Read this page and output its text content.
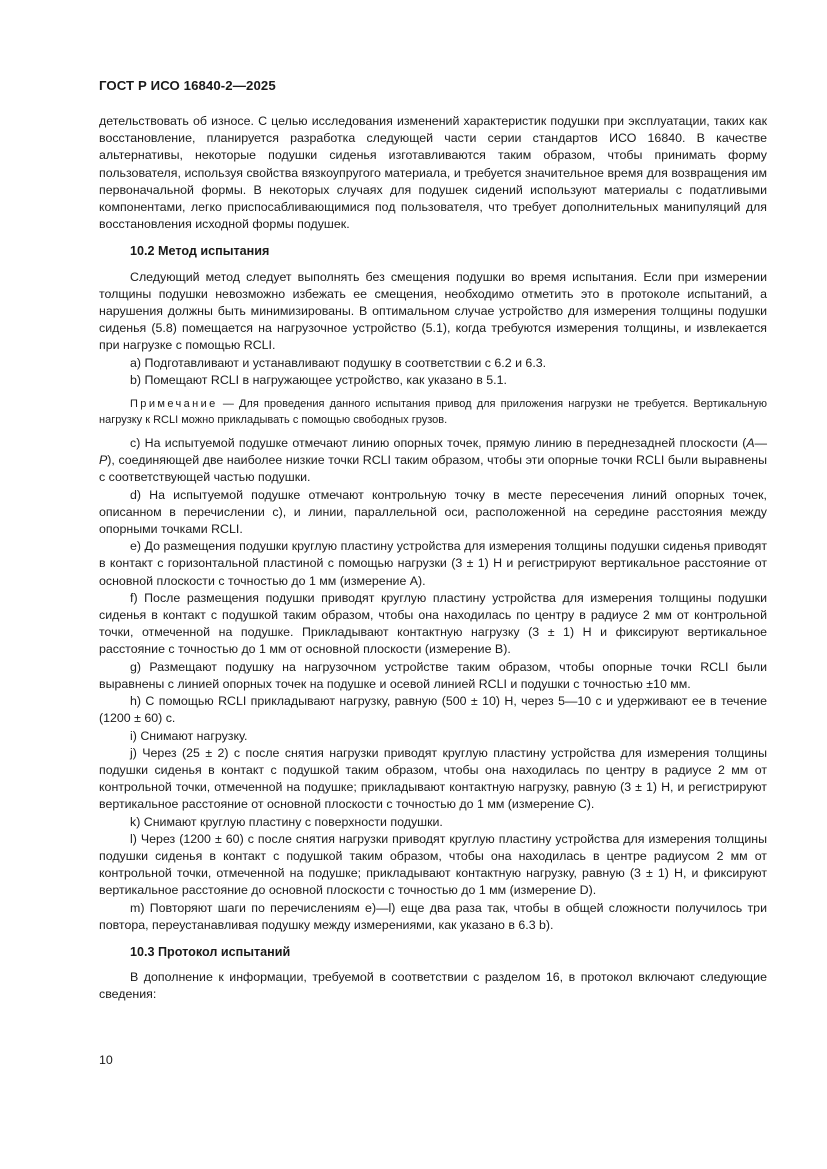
ГОСТ Р ИСО 16840-2—2025

детельствовать об износе. С целью исследования изменений характеристик подушки при эксплуатации, таких как восстановление, планируется разработка следующей части серии стандартов ИСО 16840. В качестве альтернативы, некоторые подушки сиденья изготавливаются таким образом, чтобы принимать форму пользователя, используя свойства вязкоупругого материала, и требуется значительное время для возвращения им первоначальной формы. В некоторых случаях для подушек сидений используют материалы с податливыми компонентами, легко приспосабливающимися под пользователя, что требует дополнительных манипуляций для восстановления исходной формы подушек.

10.2 Метод испытания

Следующий метод следует выполнять без смещения подушки во время испытания. Если при измерении толщины подушки невозможно избежать ее смещения, необходимо отметить это в протоколе испытаний, а нарушения должны быть минимизированы. В оптимальном случае устройство для измерения толщины подушки сиденья (5.8) помещается на нагрузочное устройство (5.1), когда требуются измерения толщины, и извлекается при нагрузке с помощью RCLI.

а) Подготавливают и устанавливают подушку в соответствии с 6.2 и 6.3.

b) Помещают RCLI в нагружающее устройство, как указано в 5.1.

Примечание — Для проведения данного испытания привод для приложения нагрузки не требуется. Вертикальную нагрузку к RCLI можно прикладывать с помощью свободных грузов.

с) На испытуемой подушке отмечают линию опорных точек, прямую линию в переднезадней плоскости (А—Р), соединяющей две наиболее низкие точки RCLI таким образом, чтобы эти опорные точки RCLI были выравнены с соответствующей частью подушки.

d) На испытуемой подушке отмечают контрольную точку в месте пересечения линий опорных точек, описанном в перечислении с), и линии, параллельной оси, расположенной на середине расстояния между опорными точками RCLI.

е) До размещения подушки круглую пластину устройства для измерения толщины подушки сиденья приводят в контакт с горизонтальной пластиной с помощью нагрузки (3 ± 1) Н и регистрируют вертикальное расстояние от основной плоскости с точностью до 1 мм (измерение А).

f) После размещения подушки приводят круглую пластину устройства для измерения толщины подушки сиденья в контакт с подушкой таким образом, чтобы она находилась по центру в радиусе 2 мм от контрольной точки, отмеченной на подушке. Прикладывают контактную нагрузку (3 ± 1) Н и фиксируют вертикальное расстояние с точностью до 1 мм от основной плоскости (измерение В).

g) Размещают подушку на нагрузочном устройстве таким образом, чтобы опорные точки RCLI были выравнены с линией опорных точек на подушке и осевой линией RCLI и подушки с точностью ±10 мм.

h) С помощью RCLI прикладывают нагрузку, равную (500 ± 10) Н, через 5—10 с и удерживают ее в течение (1200 ± 60) с.

i) Снимают нагрузку.

j) Через (25 ± 2) с после снятия нагрузки приводят круглую пластину устройства для измерения толщины подушки сиденья в контакт с подушкой таким образом, чтобы она находилась по центру в радиусе 2 мм от контрольной точки, отмеченной на подушке; прикладывают контактную нагрузку, равную (3 ± 1) Н, и регистрируют вертикальное расстояние от основной плоскости с точностью до 1 мм (измерение С).

k) Снимают круглую пластину с поверхности подушки.

l) Через (1200 ± 60) с после снятия нагрузки приводят круглую пластину устройства для измерения толщины подушки сиденья в контакт с подушкой таким образом, чтобы она находилась в центре радиусом 2 мм от контрольной точки, отмеченной на подушке; прикладывают контактную нагрузку, равную (3 ± 1) Н, и фиксируют вертикальное расстояние до основной плоскости с точностью до 1 мм (измерение D).

m) Повторяют шаги по перечислениям е)—l) еще два раза так, чтобы в общей сложности получилось три повтора, переустанавливая подушку между измерениями, как указано в 6.3 b).

10.3 Протокол испытаний

В дополнение к информации, требуемой в соответствии с разделом 16, в протокол включают следующие сведения:

10
